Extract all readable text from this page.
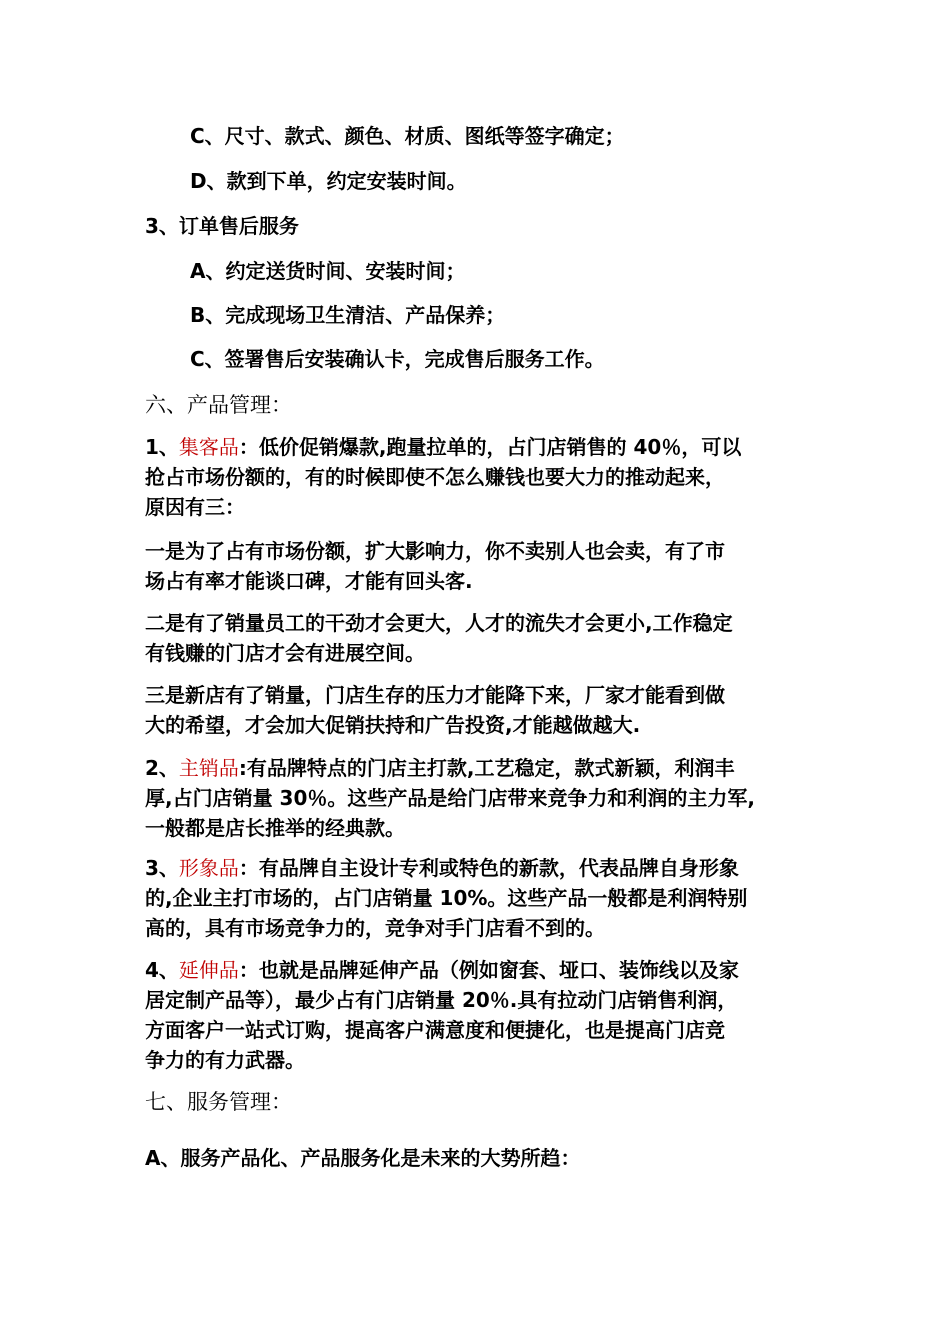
C、尺寸、款式、颜色、材质、图纸等签字确定；

D、款到下单，约定安装时间。

3、订单售后服务

A、约定送货时间、安装时间；

B、完成现场卫生清洁、产品保养；

C、签署售后安装确认卡，完成售后服务工作。

六、产品管理：

1、集客品：低价促销爆款,跑量拉单的，占门店销售的 40％，可以
抢占市场份额的，有的时候即使不怎么赚钱也要大力的推动起来，
原因有三：
一是为了占有市场份额，扩大影响力，你不卖别人也会卖，有了市
场占有率才能谈口碑，才能有回头客.
二是有了销量员工的干劲才会更大，人才的流失才会更小,工作稳定
有钱赚的门店才会有进展空间。
三是新店有了销量，门店生存的压力才能降下来，厂家才能看到做
大的希望，才会加大促销扶持和广告投资,才能越做越大.
2、主销品:有品牌特点的门店主打款,工艺稳定，款式新颖，利润丰
厚,占门店销量 30％。这些产品是给门店带来竞争力和利润的主力军,
一般都是店长推举的经典款。
3、形象品：有品牌自主设计专利或特色的新款，代表品牌自身形象
的,企业主打市场的，占门店销量 10%。这些产品一般都是利润特别
高的，具有市场竞争力的，竞争对手门店看不到的。
4、延伸品：也就是品牌延伸产品（例如窗套、垭口、装饰线以及家
居定制产品等），最少占有门店销量 20％.具有拉动门店销售利润，
方面客户一站式订购，提高客户满意度和便捷化，也是提高门店竞
争力的有力武器。

七、服务管理：

A、服务产品化、产品服务化是未来的大势所趋：
